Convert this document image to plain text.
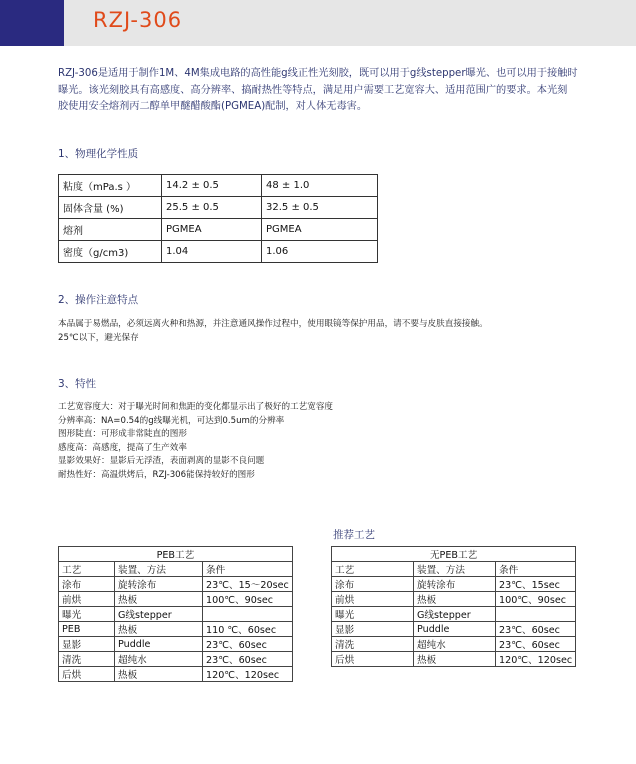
RZJ-306
RZJ-306是适用于制作1M、4M集成电路的高性能g线正性光刻胶，既可以用于g线stepper曝光、也可以用于接触时
曝光。该光刻胶具有高感度、高分辨率、搞耐热性等特点，满足用户需要工艺宽容大、适用范围广的要求。本光刻
胶使用安全熔剂丙二醇单甲醚醋酸酯(PGMEA)配制，对人体无毒害。
1、物理化学性质
粘度（mPa.s ）	14.2 ± 0.5	48 ± 1.0
固体含量 (%)	25.5 ± 0.5	32.5 ± 0.5
熔剂	PGMEA	PGMEA
密度（g/cm3)	1.04	1.06
2、操作注意特点
本品属于易燃品，必须远离火种和热源，并注意通风操作过程中，使用眼镜等保护用品，请不要与皮肤直接接触。
25℃以下，避光保存
3、特性
工艺宽容度大：对于曝光时间和焦距的变化都显示出了极好的工艺宽容度
分辨率高：NA=0.54的g线曝光机，可达到0.5um的分辨率
图形陡直：可形成非常陡直的图形
感度高：高感度，提高了生产效率
显影效果好：显影后无浮渣，表面剥离的显影不良问题
耐热性好：高温烘烤后，RZJ-306能保持较好的图形
推荐工艺
PEB工艺		
工艺	装置、方法	条件
涂布	旋转涂布	23℃、15～20sec
前烘	热板	100℃、90sec
曝光	G线stepper	
PEB	热板	110 ℃、60sec
显影	Puddle	23℃、60sec
清洗	超纯水	23℃、60sec
后烘	热板	120℃、120sec
无PEB工艺		
工艺	装置、方法	条件
涂布	旋转涂布	23℃、15sec
前烘	热板	100℃、90sec
曝光	G线stepper	
显影	Puddle	23℃、60sec
清洗	超纯水	23℃、60sec
后烘	热板	120℃、120sec
